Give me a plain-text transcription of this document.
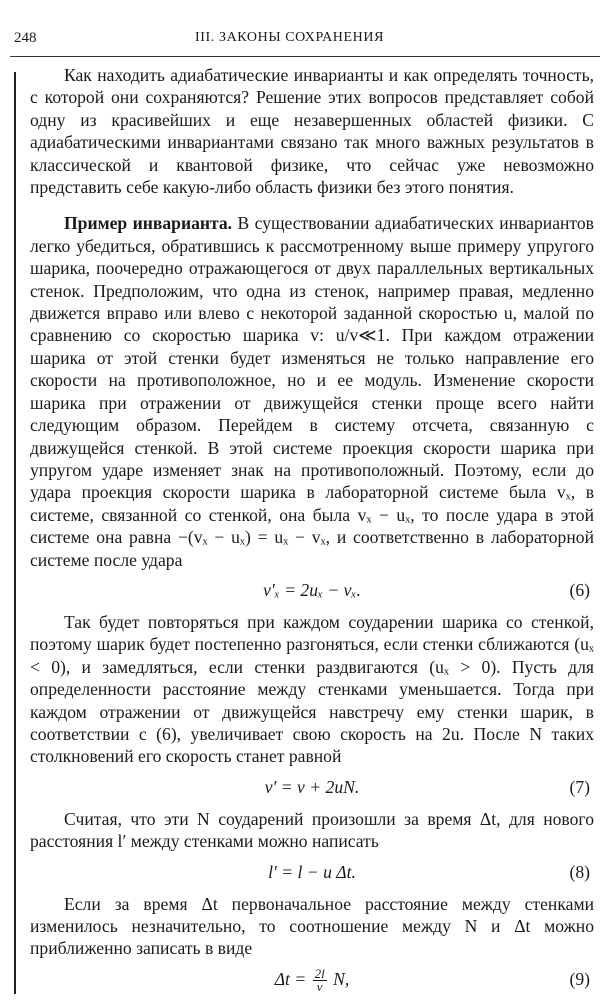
248	III. ЗАКОНЫ СОХРАНЕНИЯ

Как находить адиабатические инварианты и как определять точность, с которой они сохраняются? Решение этих вопросов представляет собой одну из красивейших и еще незавершенных областей физики. С адиабатическими инвариантами связано так много важных результатов в классической и квантовой физике, что сейчас уже невозможно представить себе какую-либо область физики без этого понятия.

Пример инварианта. В существовании адиабатических инвариантов легко убедиться, обратившись к рассмотренному выше примеру упругого шарика, поочередно отражающегося от двух параллельных вертикальных стенок. Предположим, что одна из стенок, например правая, медленно движется вправо или влево с некоторой заданной скоростью u, малой по сравнению со скоростью шарика v: u/v≪1. При каждом отражении шарика от этой стенки будет изменяться не только направление его скорости на противоположное, но и ее модуль. Изменение скорости шарика при отражении от движущейся стенки проще всего найти следующим образом. Перейдем в систему отсчета, связанную с движущейся стенкой. В этой системе проекция скорости шарика при упругом ударе изменяет знак на противоположный. Поэтому, если до удара проекция скорости шарика в лабораторной системе была vₓ, в системе, связанной со стенкой, она была vₓ − uₓ, то после удара в этой системе она равна −(vₓ − uₓ) = uₓ − vₓ, и соответственно в лабораторной системе после удара

v′ₓ = 2uₓ − vₓ.	(6)

Так будет повторяться при каждом соударении шарика со стенкой, поэтому шарик будет постепенно разгоняться, если стенки сближаются (uₓ < 0), и замедляться, если стенки раздвигаются (uₓ > 0). Пусть для определенности расстояние между стенками уменьшается. Тогда при каждом отражении от движущейся навстречу ему стенки шарик, в соответствии с (6), увеличивает свою скорость на 2u. После N таких столкновений его скорость станет равной

v′ = v + 2uN.	(7)

Считая, что эти N соударений произошли за время Δt, для нового расстояния l′ между стенками можно написать

l′ = l − u Δt.	(8)

Если за время Δt первоначальное расстояние между стенками изменилось незначительно, то соотношение между N и Δt можно приближенно записать в виде

$\Delta t = \frac{2l}{v} N$,	(9)
